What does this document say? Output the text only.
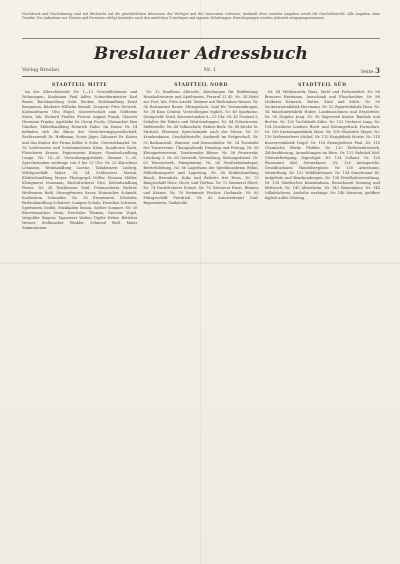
Nachdruck und Nachahmung sind mit Rücksicht auf die geschäftlichen Interessen der Verleger und der Inserenten verboten; Auskunft über einzelne Angaben erteilt die Geschäftsstelle. Alle Angaben ohne Gewähr. Die Aufnahme von Firmen und Personen erfolgt kostenlos nach den amtlichen Unterlagen und eigenen Erhebungen. Berichtigungen werden jederzeit entgegengenommen.
Breslauer Adressbuch
Verlag Breslau	Nr. 1	Seite 3
STADTTEIL MITTE

Im der Albrechtstraße Nr. 1—12 Geschäftshäuser und Wohnungen, Kaufmann Paul Adler, Schneidermeister Karl Bauer, Buchhandlung Gebr. Becker, Holzhandlung Ernst Bergmann, Bäckerei Wilhelm Brandt, Drogerie Fritz Dietrich. Kolonialwaren Otto Engel, Gastwirtschaft zum Goldenen Stern, Inh. Richard Fiedler, Friseur August Frank, Glaserei Hermann Franke, Apotheke Dr. Georg Fuchs, Uhrmacher Max Günther, Möbelhandlung Heinrich Hahn. Im Hause Nr. 14 befinden sich die Büros der Versicherungsgesellschaft, Rechtsanwalt Dr. Hoffmann, Notar Jäger, Zahnarzt Dr. Kaiser und das Kontor der Firma Keller & Sohn, Getreidehandel. Nr. 16 Lederwaren und Schuhmacherei Klein, Konditorei Koch, Fleischerei Krause, Papierwaren Krüger, Gemüsehandlung Lange. Nr. 18—20 Verwaltungsgebäude, Zimmer 1—30, Sprechstunden werktags von 9 bis 13 Uhr. Nr. 22 Kürschner Lehmann, Weinhandlung Lorenz, Tabakwaren Ludwig, Milchgeschäft Maier. Nr. 24 Schlosserei Martin, Elektrohandlung Meyer, Photograph Möller, Pension Müller, Klempnerei Neumann, Buchdruckerei Otto, Seifenhandlung Peters. Nr. 26 Textilwaren Pohl, Putzmacherin Richter, Weißwaren Roth, Strumpfwaren Sauer, Hutmacher Schmidt, Korbwaren Schneider. Nr. 28 Eisenwaren Schröder, Farbenhandlung Schubert, Lampen Schulz, Porzellan Schwarz, Spielwaren Seidel, Musikalien Simon, Sattler Sommer. Nr. 30 Bürstenmacher Stein, Drechsler Thomas, Graveur Vogel, Vergolder Wagner, Tapezierer Walter, Töpfer Weber, Böttcher Werner, Stellmacher Winkler, Schmied Wolf, Maler Zimmermann.

STADTTEIL NORD

Nr. 32 Kaufhaus Albrecht, Abteilungen für Bekleidung, Haushaltswaren und Spielwaren, Fernruf 21 45. Nr. 34 Hotel zur Post, Inh. Fritz Arnold, Zimmer mit fließendem Wasser. Nr. 36 Restaurant Bauer, Mittagstisch, Saal für Versammlungen. Nr. 38 Kino Central, Vorstellungen täglich. Nr. 40 Sparkasse, Zweigstelle Nord, Kassenstunden 8—13 Uhr. Nr. 42 Postamt 5, Schalter für Pakete und Wertsendungen. Nr. 44 Polizeirevier, Meldestelle. Nr. 46 Volksschule, Rektor Beck. Nr. 48 Kirche St. Michael, Pfarramt, Sprechstunde nach der Messe. Nr. 50 Krankenkasse, Geschäftsstelle, Auskunft im Erdgeschoß. Nr. 52 Badeanstalt, Wannen- und Brausebäder. Nr. 54 Turnhalle des Turnvereins, Übungsabende Dienstag und Freitag. Nr. 56 Kleingartenverein, Vorsitzender Blume. Nr. 58 Feuerwehr, Löschzug 3. Nr. 60 Gaswerk, Verwaltung, Störungsdienst. Nr. 62 Wasserwerk, Pumpstation. Nr. 64 Straßenbahndepot, Betriebsleitung. Nr. 66 Lagerhaus der Speditionsfirma Böhm, Möbeltransporte und Lagerung. Nr. 68 Kohlenhandlung Busch, Brennholz, Koks und Briketts frei Haus. Nr. 70 Baugeschäft Dietz, Hoch- und Tiefbau. Nr. 72 Zimmerei Ebert. Nr. 74 Dachdeckerei Eckert. Nr. 76 Gärtnerei Ernst, Blumen und Kränze. Nr. 78 Steinmetz Fischer, Grabmale. Nr. 80 Fuhrgeschäft Friedrich. Nr. 82 Autowerkstatt Graf, Reparaturen, Tankstelle.

STADTTEIL SÜD

Nr. 84 Mühlenwerk Haas, Mehl und Futtermittel. Nr. 86 Brauerei Hartmann, Ausschank und Flaschenbier. Nr. 88 Molkerei Heinrich, Butter, Käse und Milch. Nr. 90 Zuckerwarenfabrik Herrmann. Nr. 92 Zigarrenfabrik Horn. Nr. 94 Maschinenfabrik Huber, Landmaschinen und Ersatzteile. Nr. 96 Ziegelei Jung. Nr. 98 Sägewerk Kaiser, Bauholz und Bretter. Nr. 100 Tuchfabrik Kühn. Nr. 102 Gerberei Lang. Nr. 104 Druckerei Lindner, Buch- und Zeitungsdruck, Formulare. Nr. 106 Kartonagenfabrik Marx. Nr. 108 Glashütte Mayer. Nr. 110 Seifensiederei Michel. Nr. 112 Essigfabrik Moritz. Nr. 114 Konservenfabrik Nagel. Nr. 116 Eisengießerei Paul. Nr. 118 Chemische Werke Pfeiffer. Nr. 120 Elektrizitätswerk, Zählerablesung, Anmeldungen im Büro. Nr. 122 Bahnhof Süd, Güterabfertigung, Expreßgut. Nr. 124 Zollamt. Nr. 126 Finanzamt Süd, Steuerkasse. Nr. 128 Amtsgericht, Grundbuchamt, Handelsregister. Nr. 130 Arbeitsamt, Vermittlung. Nr. 132 Wohlfahrtsamt. Nr. 134 Standesamt III, Aufgebote und Beurkundungen. Nr. 136 Friedhofsverwaltung. Nr. 138 Städtisches Krankenhaus, Besuchszeit Sonntag und Mittwoch. Nr. 140 Altersheim. Nr. 142 Waisenhaus. Nr. 144 Volksbücherei, Ausleihe werktags. Nr. 146 Museum, geöffnet täglich außer Montag.
